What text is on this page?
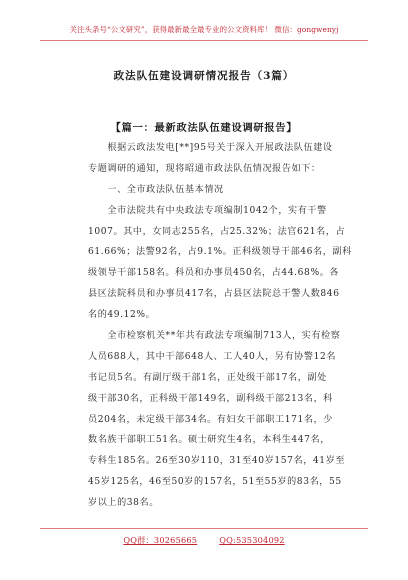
关注头条号“公文研究”，获得最新最全最专业的公文资料库！ 微信：gongwenyj
政法队伍建设调研情况报告（3篇）
【篇一：最新政法队伍建设调研报告】
　　根据云政法发电[**]95号关于深入开展政法队伍建设
专题调研的通知，现将昭通市政法队伍情况报告如下：
　　一、全市政法队伍基本情况
　　全市法院共有中央政法专项编制1042个，实有干警
1007。其中，女同志255名，占25.32%；法官621名，占
61.66%；法警92名，占9.1%。正科级领导干部46名，副科
级领导干部158名。科员和办事员450名，占44.68%。各
县区法院科员和办事员417名，占县区法院总干警人数846
名的49.12%。
　　全市检察机关**年共有政法专项编制713人，实有检察
人员688人，其中干部648人、工人40人，另有协警12名
书记员5名。有副厅级干部1名，正处级干部17名，副处
级干部30名，正科级干部149名，副科级干部213名，科
员204名，未定级干部34名。有妇女干部职工171名，少
数名族干部职工51名。硕士研究生4名，本科生447名，
专科生185名。26至30岁110，31至40岁157名，41岁至
45岁125名，46至50岁的157名，51至55岁的83名，55
岁以上的38名。
QQ群：30265665	QQ:535304092
